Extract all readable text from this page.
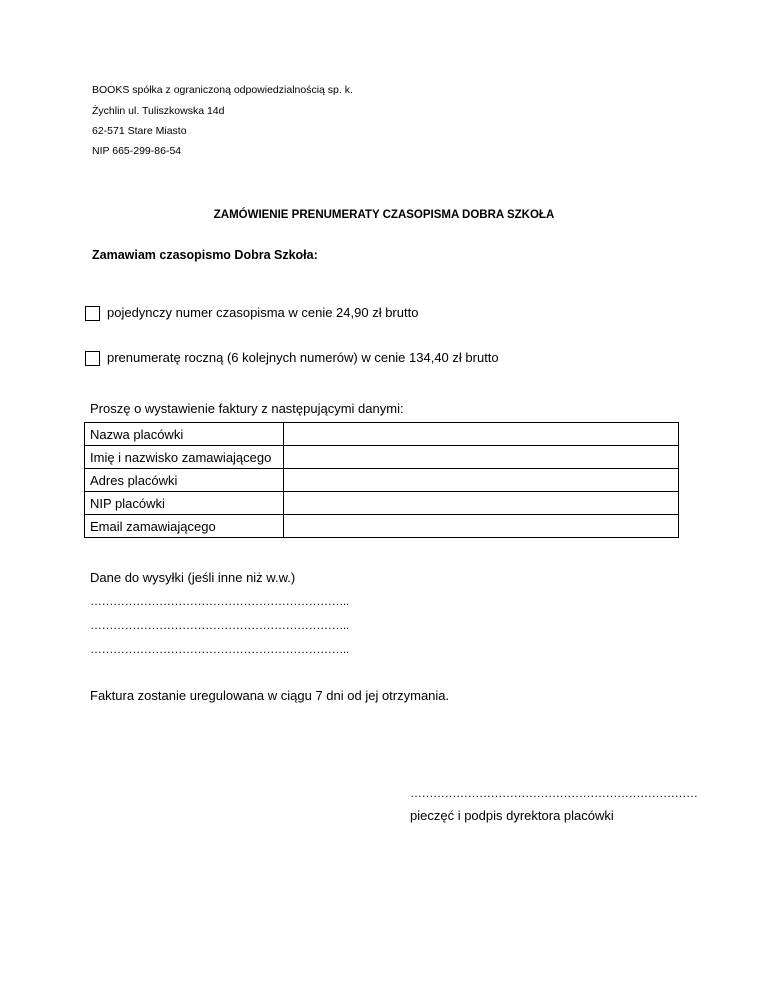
BOOKS spółka z ograniczoną odpowiedzialnością sp. k.
Żychlin ul. Tuliszkowska 14d
62-571 Stare Miasto
NIP 665-299-86-54
ZAMÓWIENIE PRENUMERATY CZASOPISMA DOBRA SZKOŁA
Zamawiam czasopismo Dobra Szkoła:
pojedynczy numer czasopisma w cenie 24,90 zł brutto
prenumeratę roczną (6 kolejnych numerów) w cenie 134,40 zł brutto
Proszę o wystawienie faktury z następującymi danymi:
Nazwa placówki	
Imię i nazwisko zamawiającego	
Adres placówki	
NIP placówki	
Email zamawiającego	
Dane do wysyłki (jeśli inne niż w.w.)
…………………………………………………………..
…………………………………………………………..
…………………………………………………………..
Faktura zostanie uregulowana w ciągu 7 dni od jej otrzymania.
…………………………………………………………………
pieczęć i podpis dyrektora placówki
